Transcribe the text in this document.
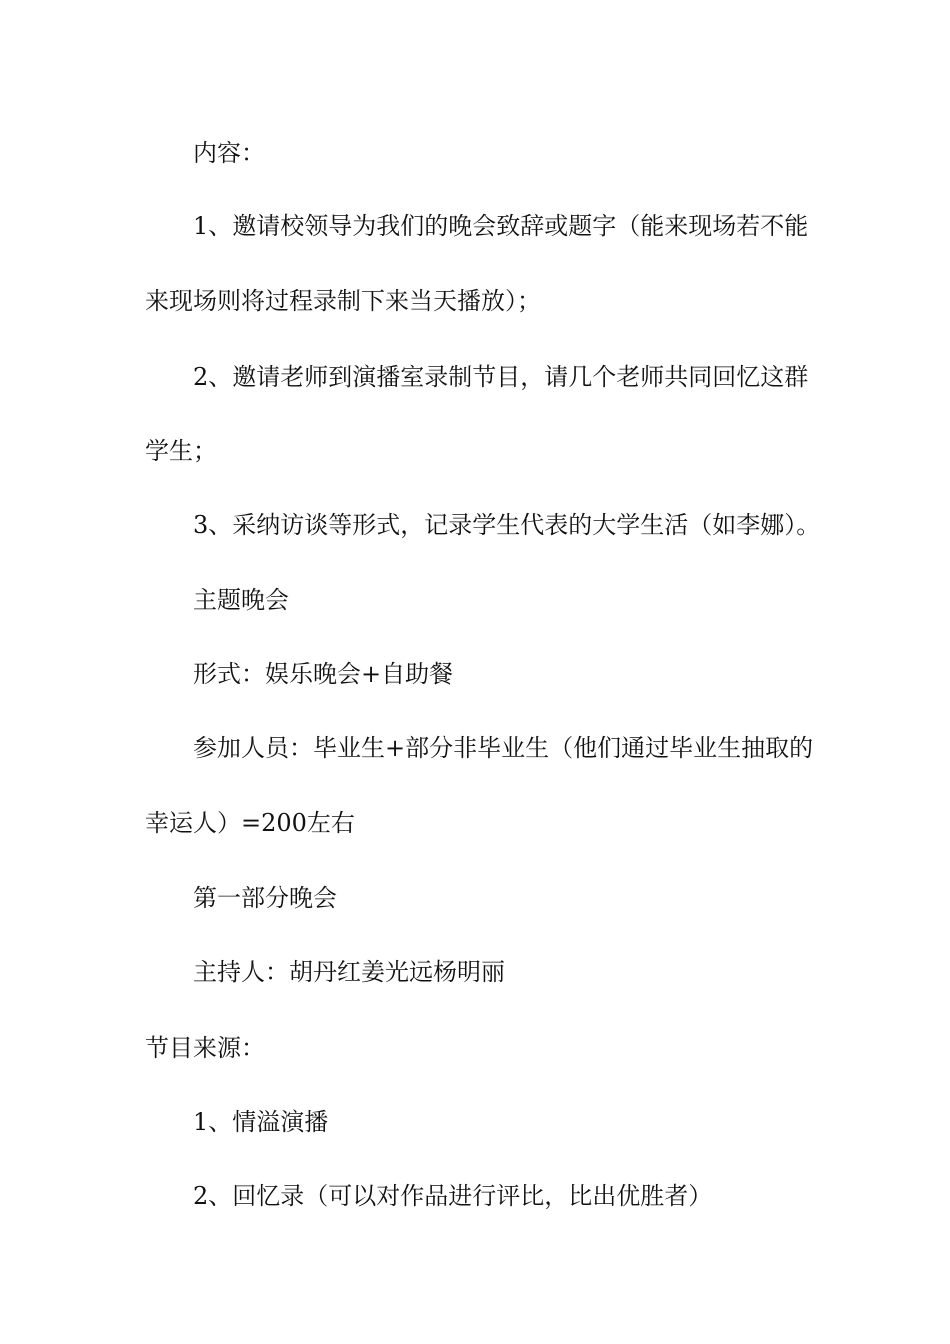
内容：
1、邀请校领导为我们的晚会致辞或题字（能来现场若不能
来现场则将过程录制下来当天播放）；
2、邀请老师到演播室录制节目，请几个老师共同回忆这群
学生；
3、采纳访谈等形式，记录学生代表的大学生活（如李娜）。
主题晚会
形式：娱乐晚会+自助餐
参加人员：毕业生+部分非毕业生（他们通过毕业生抽取的
幸运人）=200左右
第一部分晚会
主持人：胡丹红姜光远杨明丽
节目来源：
1、情溢演播
2、回忆录（可以对作品进行评比，比出优胜者）
